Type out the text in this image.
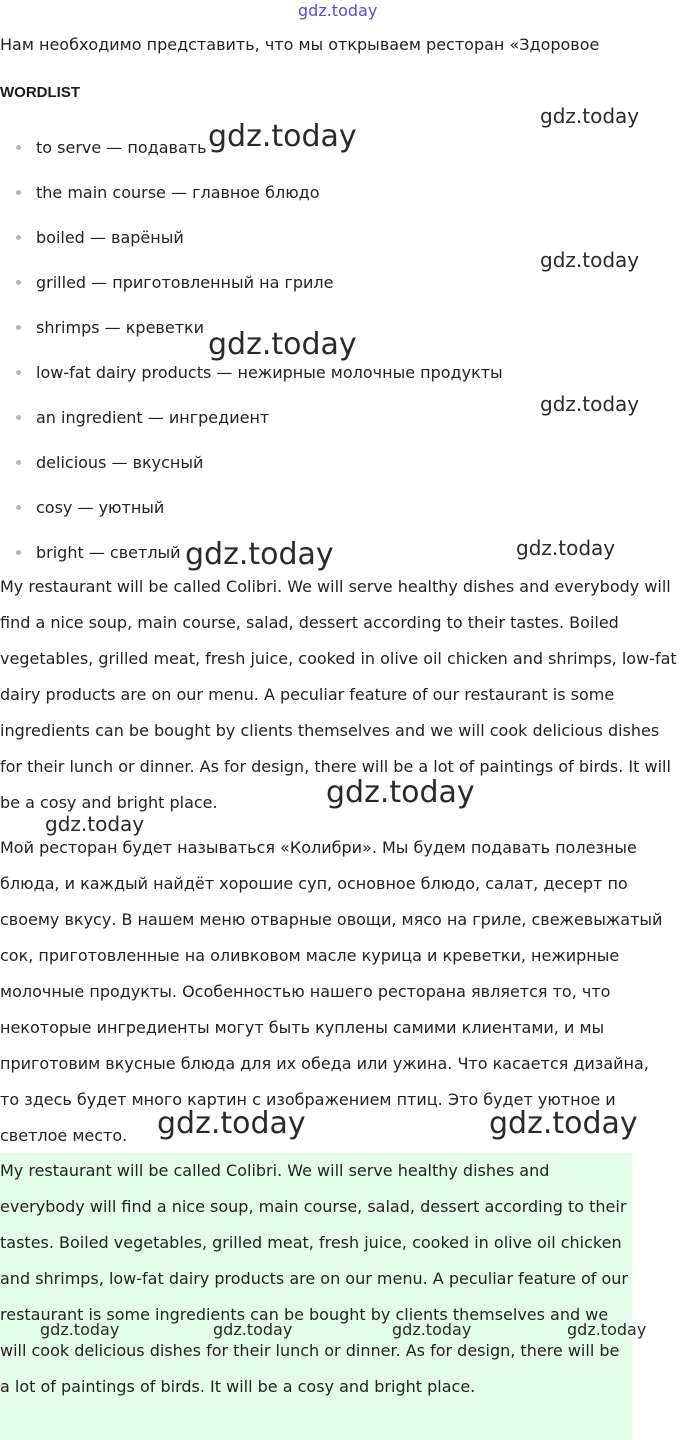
gdz.today

Нам необходимо представить, что мы открываем ресторан «Здоровое

WORDLIST
to serve — подавать
the main course — главное блюдо
boiled — варёный
grilled — приготовленный на гриле
shrimps — креветки
low-fat dairy products — нежирные молочные продукты
an ingredient — ингредиент
delicious — вкусный
cosy — уютный
bright — светлый

My restaurant will be called Colibri. We will serve healthy dishes and everybody will find a nice soup, main course, salad, dessert according to their tastes. Boiled vegetables, grilled meat, fresh juice, cooked in olive oil chicken and shrimps, low-fat dairy products are on our menu. A peculiar feature of our restaurant is some ingredients can be bought by clients themselves and we will cook delicious dishes for their lunch or dinner. As for design, there will be a lot of paintings of birds. It will be a cosy and bright place.

Мой ресторан будет называться «Колибри». Мы будем подавать полезные блюда, и каждый найдёт хорошие суп, основное блюдо, салат, десерт по своему вкусу. В нашем меню отварные овощи, мясо на гриле, свежевыжатый сок, приготовленные на оливковом масле курица и креветки, нежирные молочные продукты. Особенностью нашего ресторана является то, что некоторые ингредиенты могут быть куплены самими клиентами, и мы приготовим вкусные блюда для их обеда или ужина. Что касается дизайна, то здесь будет много картин с изображением птиц. Это будет уютное и светлое место.

My restaurant will be called Colibri. We will serve healthy dishes and everybody will find a nice soup, main course, salad, dessert according to their tastes. Boiled vegetables, grilled meat, fresh juice, cooked in olive oil chicken and shrimps, low-fat dairy products are on our menu. A peculiar feature of our restaurant is some ingredients can be bought by clients themselves and we will cook delicious dishes for their lunch or dinner. As for design, there will be a lot of paintings of birds. It will be a cosy and bright place.

gdz.today
gdz.today
gdz.today
gdz.today
gdz.today
gdz.today	gdz.today
gdz.today
gdz.today
gdz.today	gdz.today
gdz.today	gdz.today	gdz.today	gdz.today
